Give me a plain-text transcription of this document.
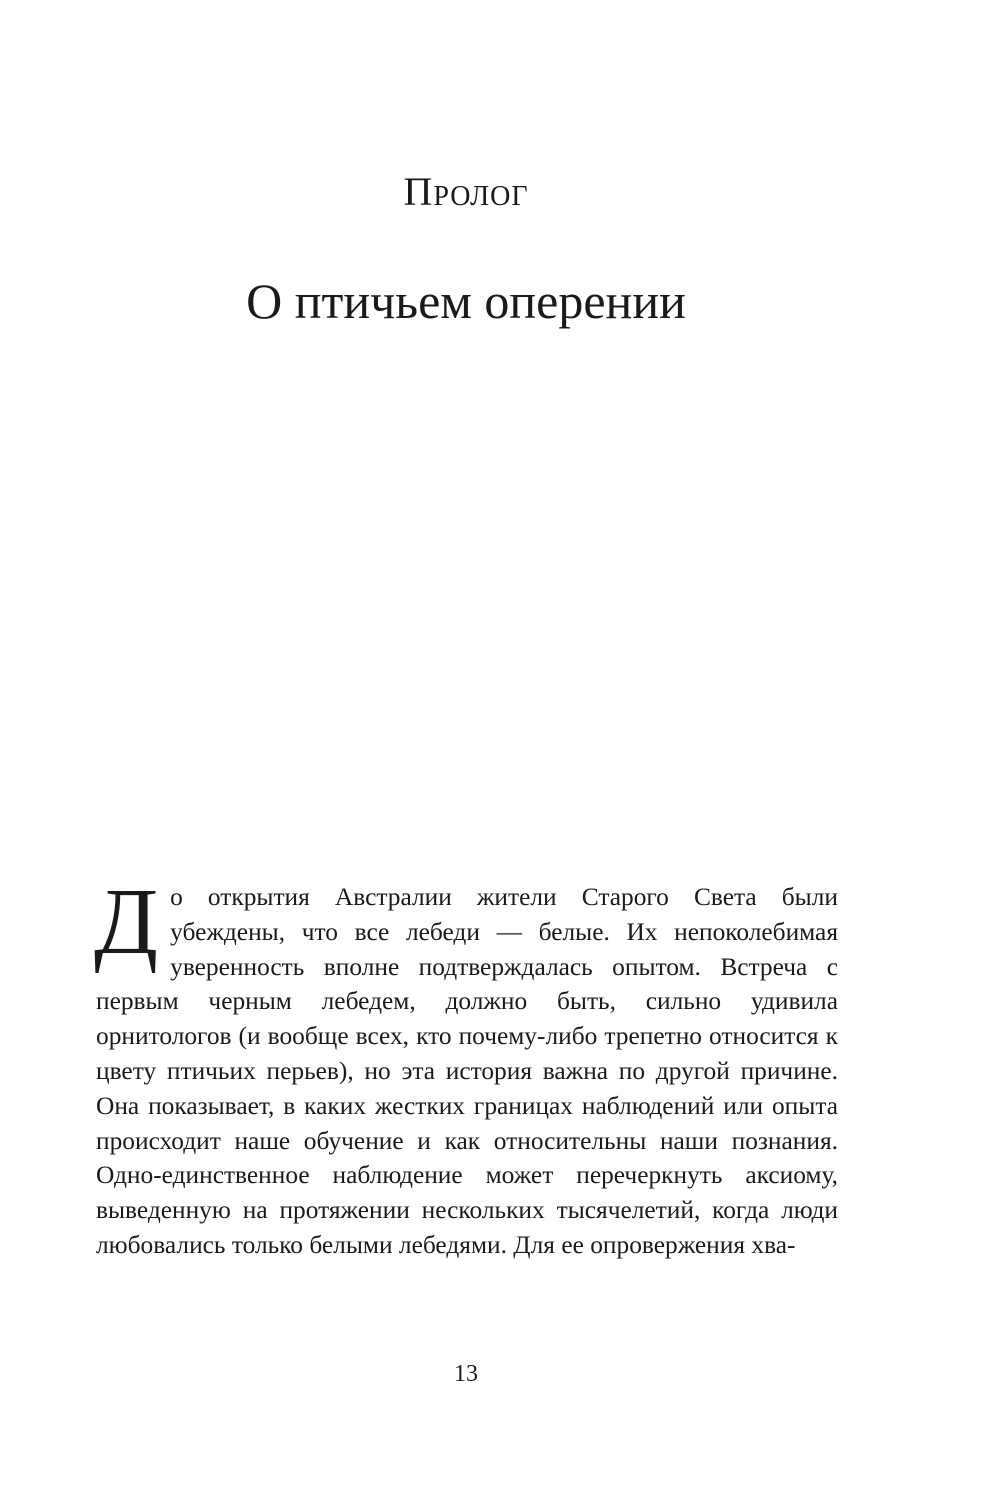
Пролог
О птичьем оперении
До открытия Австралии жители Старого Света были убеждены, что все лебеди — белые. Их непоколебимая уверенность вполне подтверждалась опытом. Встреча с первым черным лебедем, должно быть, сильно удивила орнитологов (и вообще всех, кто почему-либо трепетно относится к цвету птичьих перьев), но эта история важна по другой причине. Она показывает, в каких жестких границах наблюдений или опыта происходит наше обучение и как относительны наши познания. Одно-единственное наблюдение может перечеркнуть аксиому, выведенную на протяжении нескольких тысячелетий, когда люди любовались только белыми лебедями. Для ее опровержения хва-
13
